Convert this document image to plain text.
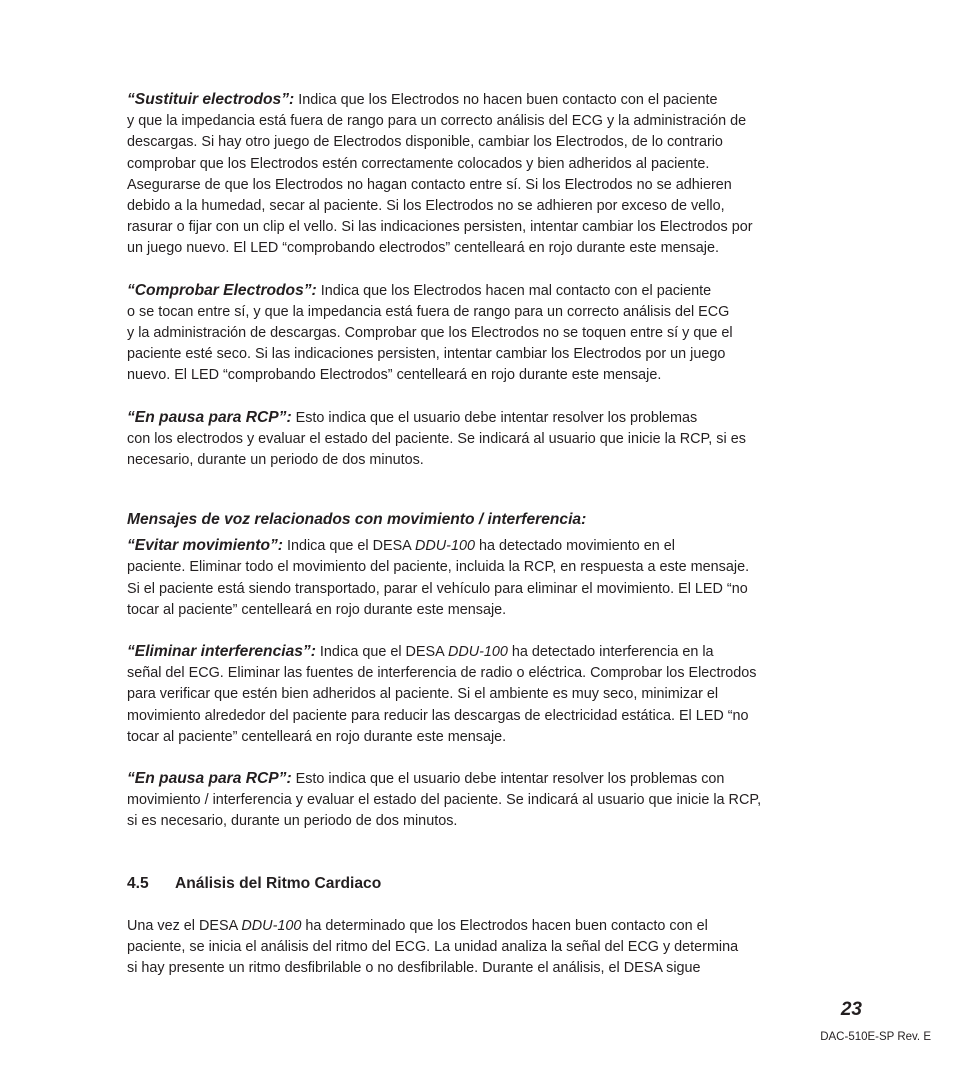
“Sustituir electrodos”: Indica que los Electrodos no hacen buen contacto con el paciente
y que la impedancia está fuera de rango para un correcto análisis del ECG y la administración de
descargas. Si hay otro juego de Electrodos disponible, cambiar los Electrodos, de lo contrario
comprobar que los Electrodos estén correctamente colocados y bien adheridos al paciente.
Asegurarse de que los Electrodos no hagan contacto entre sí. Si los Electrodos no se adhieren
debido a la humedad, secar al paciente. Si los Electrodos no se adhieren por exceso de vello,
rasurar o fijar con un clip el vello. Si las indicaciones persisten, intentar cambiar los Electrodos por
un juego nuevo. El LED “comprobando electrodos” centelleará en rojo durante este mensaje.

“Comprobar Electrodos”: Indica que los Electrodos hacen mal contacto con el paciente
o se tocan entre sí, y que la impedancia está fuera de rango para un correcto análisis del ECG
y la administración de descargas. Comprobar que los Electrodos no se toquen entre sí y que el
paciente esté seco. Si las indicaciones persisten, intentar cambiar los Electrodos por un juego
nuevo. El LED “comprobando Electrodos” centelleará en rojo durante este mensaje.

“En pausa para RCP”: Esto indica que el usuario debe intentar resolver los problemas
con los electrodos y evaluar el estado del paciente. Se indicará al usuario que inicie la RCP, si es
necesario, durante un periodo de dos minutos.

Mensajes de voz relacionados con movimiento / interferencia:

“Evitar movimiento”: Indica que el DESA DDU-100 ha detectado movimiento en el
paciente. Eliminar todo el movimiento del paciente, incluida la RCP, en respuesta a este mensaje.
Si el paciente está siendo transportado, parar el vehículo para eliminar el movimiento. El LED “no
tocar al paciente” centelleará en rojo durante este mensaje.

“Eliminar interferencias”: Indica que el DESA DDU-100 ha detectado interferencia en la
señal del ECG. Eliminar las fuentes de interferencia de radio o eléctrica. Comprobar los Electrodos
para verificar que estén bien adheridos al paciente. Si el ambiente es muy seco, minimizar el
movimiento alrededor del paciente para reducir las descargas de electricidad estática. El LED “no
tocar al paciente” centelleará en rojo durante este mensaje.

“En pausa para RCP”: Esto indica que el usuario debe intentar resolver los problemas con
movimiento / interferencia y evaluar el estado del paciente. Se indicará al usuario que inicie la RCP,
si es necesario, durante un periodo de dos minutos.

4.5 Análisis del Ritmo Cardiaco

Una vez el DESA DDU-100 ha determinado que los Electrodos hacen buen contacto con el
paciente, se inicia el análisis del ritmo del ECG. La unidad analiza la señal del ECG y determina
si hay presente un ritmo desfibrilable o no desfibrilable. Durante el análisis, el DESA sigue

23
DAC-510E-SP Rev. E
